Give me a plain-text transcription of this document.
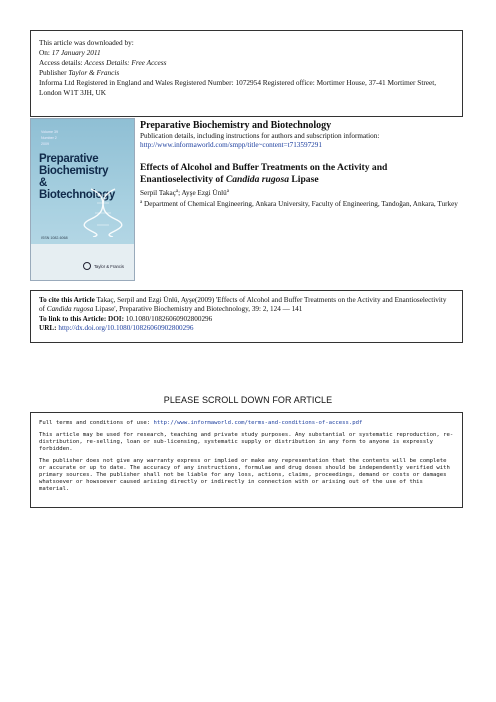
This article was downloaded by:
On: 17 January 2011
Access details: Access Details: Free Access
Publisher Taylor & Francis
Informa Ltd Registered in England and Wales Registered Number: 1072954 Registered office: Mortimer House, 37-41 Mortimer Street, London W1T 3JH, UK
Volume 39
Number 2
2009
Preparative Biochemistry & Biotechnology
ISSN 1082-6068
Taylor & Francis
Preparative Biochemistry and Biotechnology
Publication details, including instructions for authors and subscription information:
http://www.informaworld.com/smpp/title~content=t713597291
Effects of Alcohol and Buffer Treatments on the Activity and Enantioselectivity of Candida rugosa Lipase
Serpil Takaç$^a$; Ayşe Ezgi Ünlü$^a$
$^a$ Department of Chemical Engineering, Ankara University, Faculty of Engineering, Tandoğan, Ankara, Turkey
To cite this Article Takaç, Serpil and Ezgi Ünlü, Ayşe(2009) 'Effects of Alcohol and Buffer Treatments on the Activity and Enantioselectivity of Candida rugosa Lipase', Preparative Biochemistry and Biotechnology, 39: 2, 124 — 141
To link to this Article: DOI: 10.1080/10826060902800296
URL: http://dx.doi.org/10.1080/10826060902800296
PLEASE SCROLL DOWN FOR ARTICLE

Full terms and conditions of use: http://www.informaworld.com/terms-and-conditions-of-access.pdf

This article may be used for research, teaching and private study purposes. Any substantial or systematic reproduction, re-distribution, re-selling, loan or sub-licensing, systematic supply or distribution in any form to anyone is expressly forbidden.

The publisher does not give any warranty express or implied or make any representation that the contents will be complete or accurate or up to date. The accuracy of any instructions, formulae and drug doses should be independently verified with primary sources. The publisher shall not be liable for any loss, actions, claims, proceedings, demand or costs or damages whatsoever or howsoever caused arising directly or indirectly in connection with or arising out of the use of this material.
